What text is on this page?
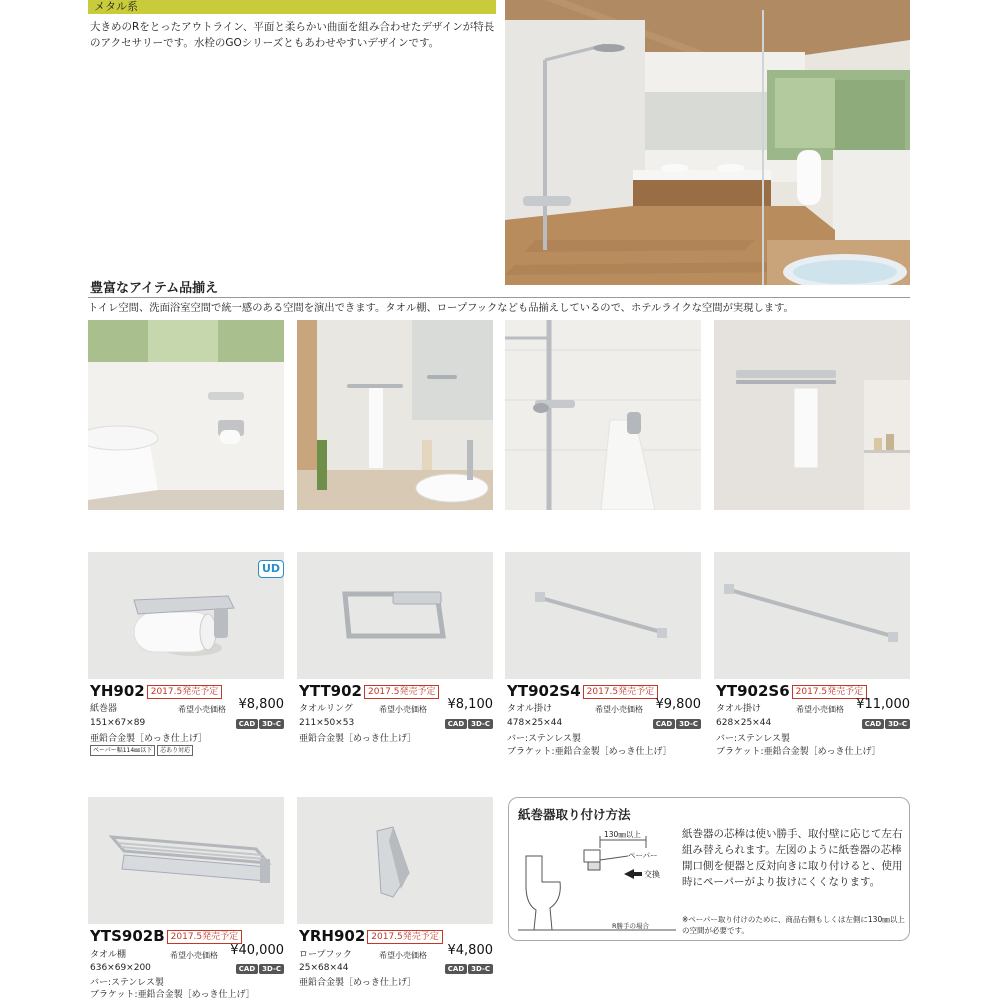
メタル系
大きめのRをとったアウトライン、平面と柔らかい曲面を組み合わせたデザインが特長のアクセサリーです。水栓のGOシリーズともあわせやすいデザインです。
豊富なアイテム品揃え
トイレ空間、洗面浴室空間で統一感のある空間を演出できます。タオル棚、ロープフックなども品揃えしているので、ホテルライクな空間が実現します。
UD
YH902 2017.5発売予定
紙巻器	希望小売価格 ¥8,800
151×67×89	CAD 3D-C
亜鉛合金製［めっき仕上げ］
ペーパー幅114㎜以下 芯あり対応
YTT902 2017.5発売予定
タオルリング	希望小売価格 ¥8,100
211×50×53	CAD 3D-C
亜鉛合金製［めっき仕上げ］
YT902S4 2017.5発売予定
タオル掛け	希望小売価格 ¥9,800
478×25×44	CAD 3D-C
バー:ステンレス製
ブラケット:亜鉛合金製［めっき仕上げ］
YT902S6 2017.5発売予定
タオル掛け	希望小売価格 ¥11,000
628×25×44	CAD 3D-C
バー:ステンレス製
ブラケット:亜鉛合金製［めっき仕上げ］
YTS902B 2017.5発売予定
タオル棚	希望小売価格 ¥40,000
636×69×200	CAD 3D-C
バー:ステンレス製
ブラケット:亜鉛合金製［めっき仕上げ］
YRH902 2017.5発売予定
ロープフック	希望小売価格 ¥4,800
25×68×44	CAD 3D-C
亜鉛合金製［めっき仕上げ］
紙巻器取り付け方法
130㎜以上
ペーパー
交換
R勝手の場合
紙巻器の芯棒は使い勝手、取付壁に応じて左右組み替えられます。左図のように紙巻器の芯棒開口側を便器と反対向きに取り付けると、使用時にペーパーがより抜けにくくなります。
※ペーパー取り付けのために、商品右側もしくは左側に130㎜以上の空間が必要です。
